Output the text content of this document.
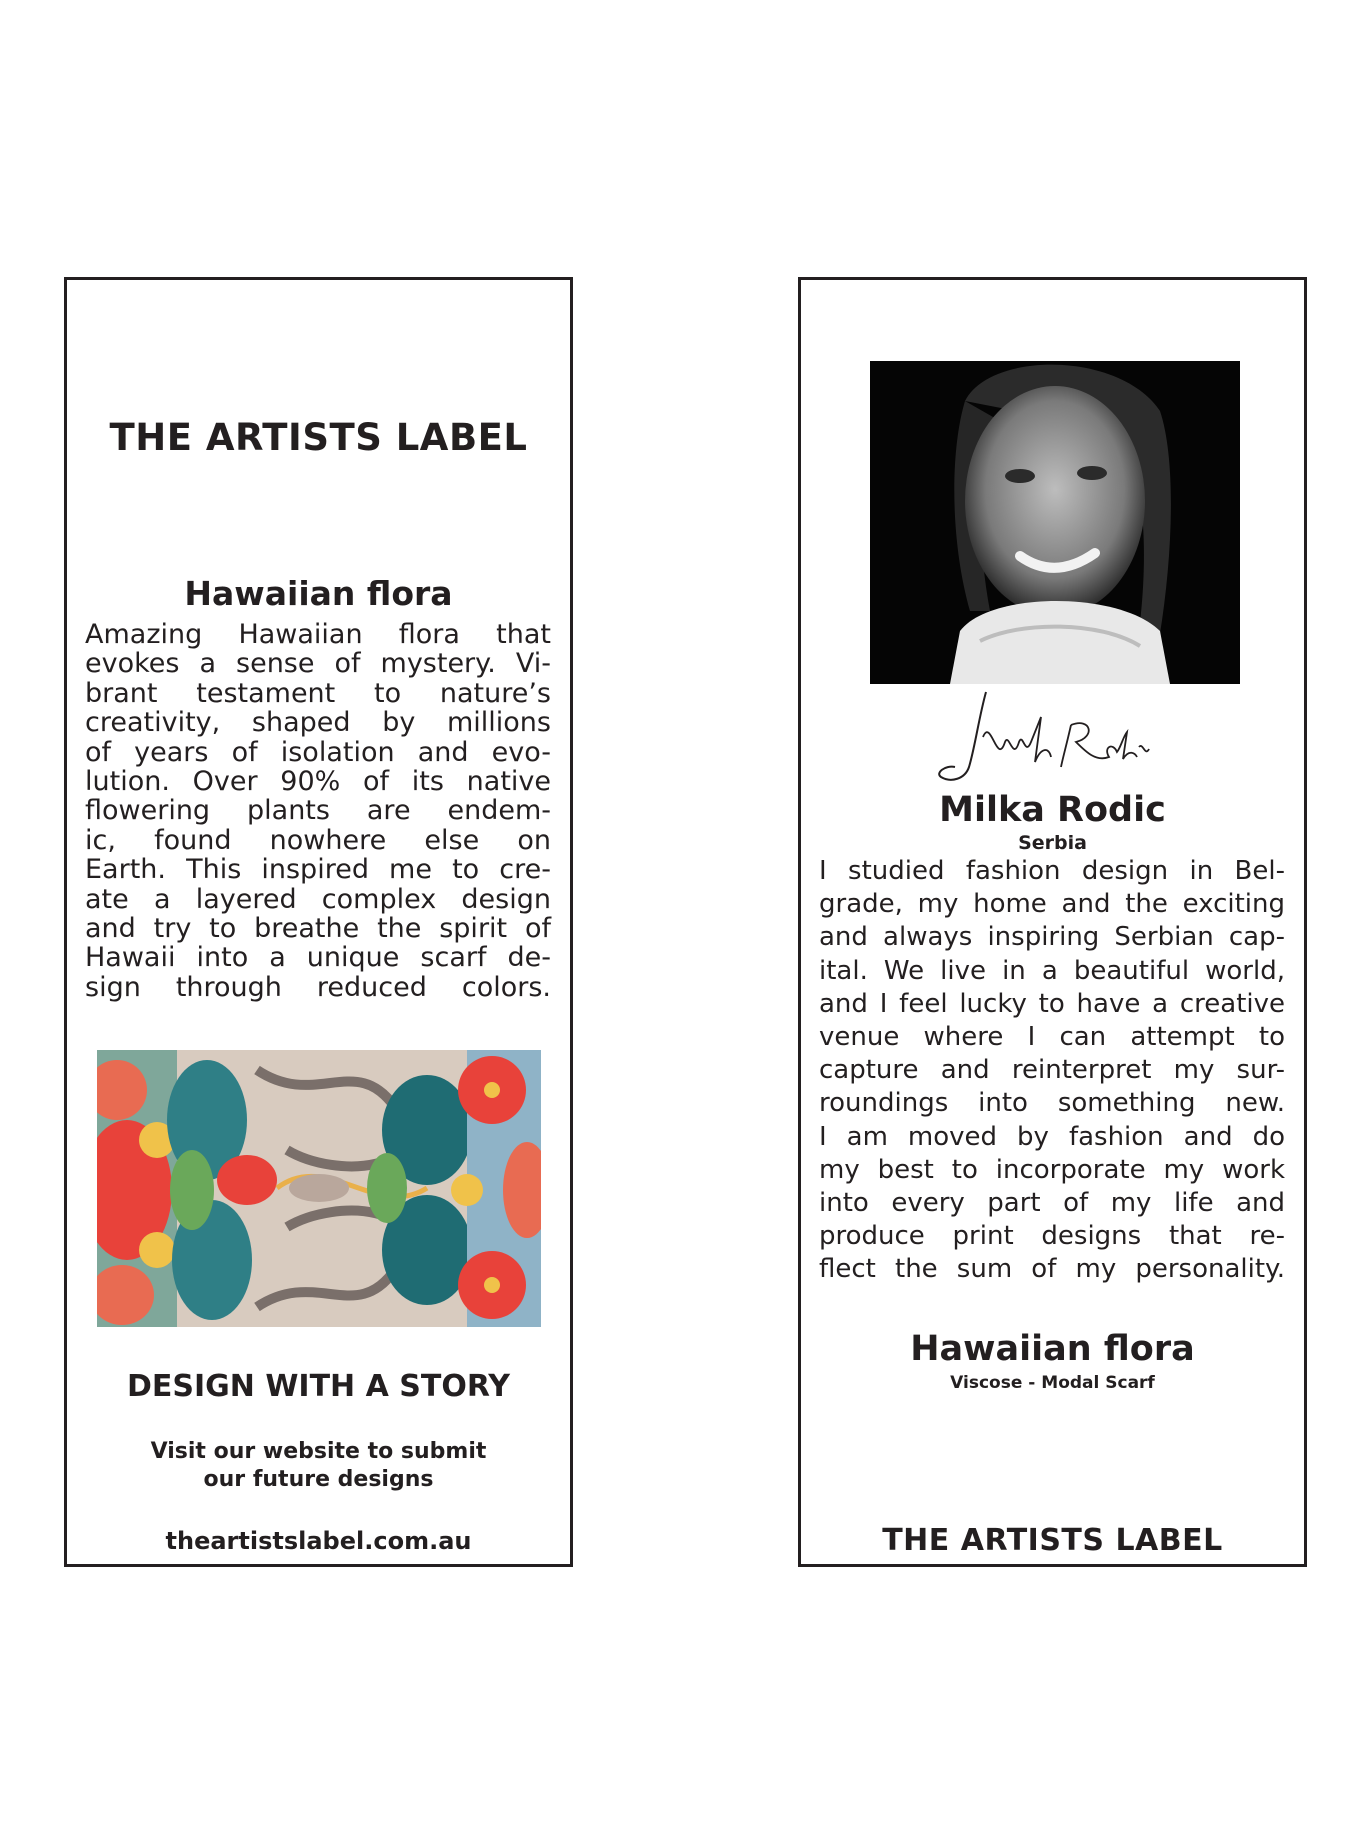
THE ARTISTS LABEL
Hawaiian flora
Amazing Hawaiian flora that
evokes a sense of mystery. Vi-
brant testament to nature’s
creativity, shaped by millions
of years of isolation and evo-
lution. Over 90% of its native
flowering plants are endem-
ic, found nowhere else on
Earth. This inspired me to cre-
ate a layered complex design
and try to breathe the spirit of
Hawaii into a unique scarf de-
sign through reduced colors.
DESIGN WITH A STORY
Visit our website to submit
our future designs
theartistslabel.com.au
Milka Rodic
Serbia
I studied fashion design in Bel-
grade, my home and the exciting
and always inspiring Serbian cap-
ital. We live in a beautiful world,
and I feel lucky to have a creative
venue where I can attempt to
capture and reinterpret my sur-
roundings into something new.
I am moved by fashion and do
my best to incorporate my work
into every part of my life and
produce print designs that re-
flect the sum of my personality.
Hawaiian flora
Viscose - Modal Scarf
THE ARTISTS LABEL
